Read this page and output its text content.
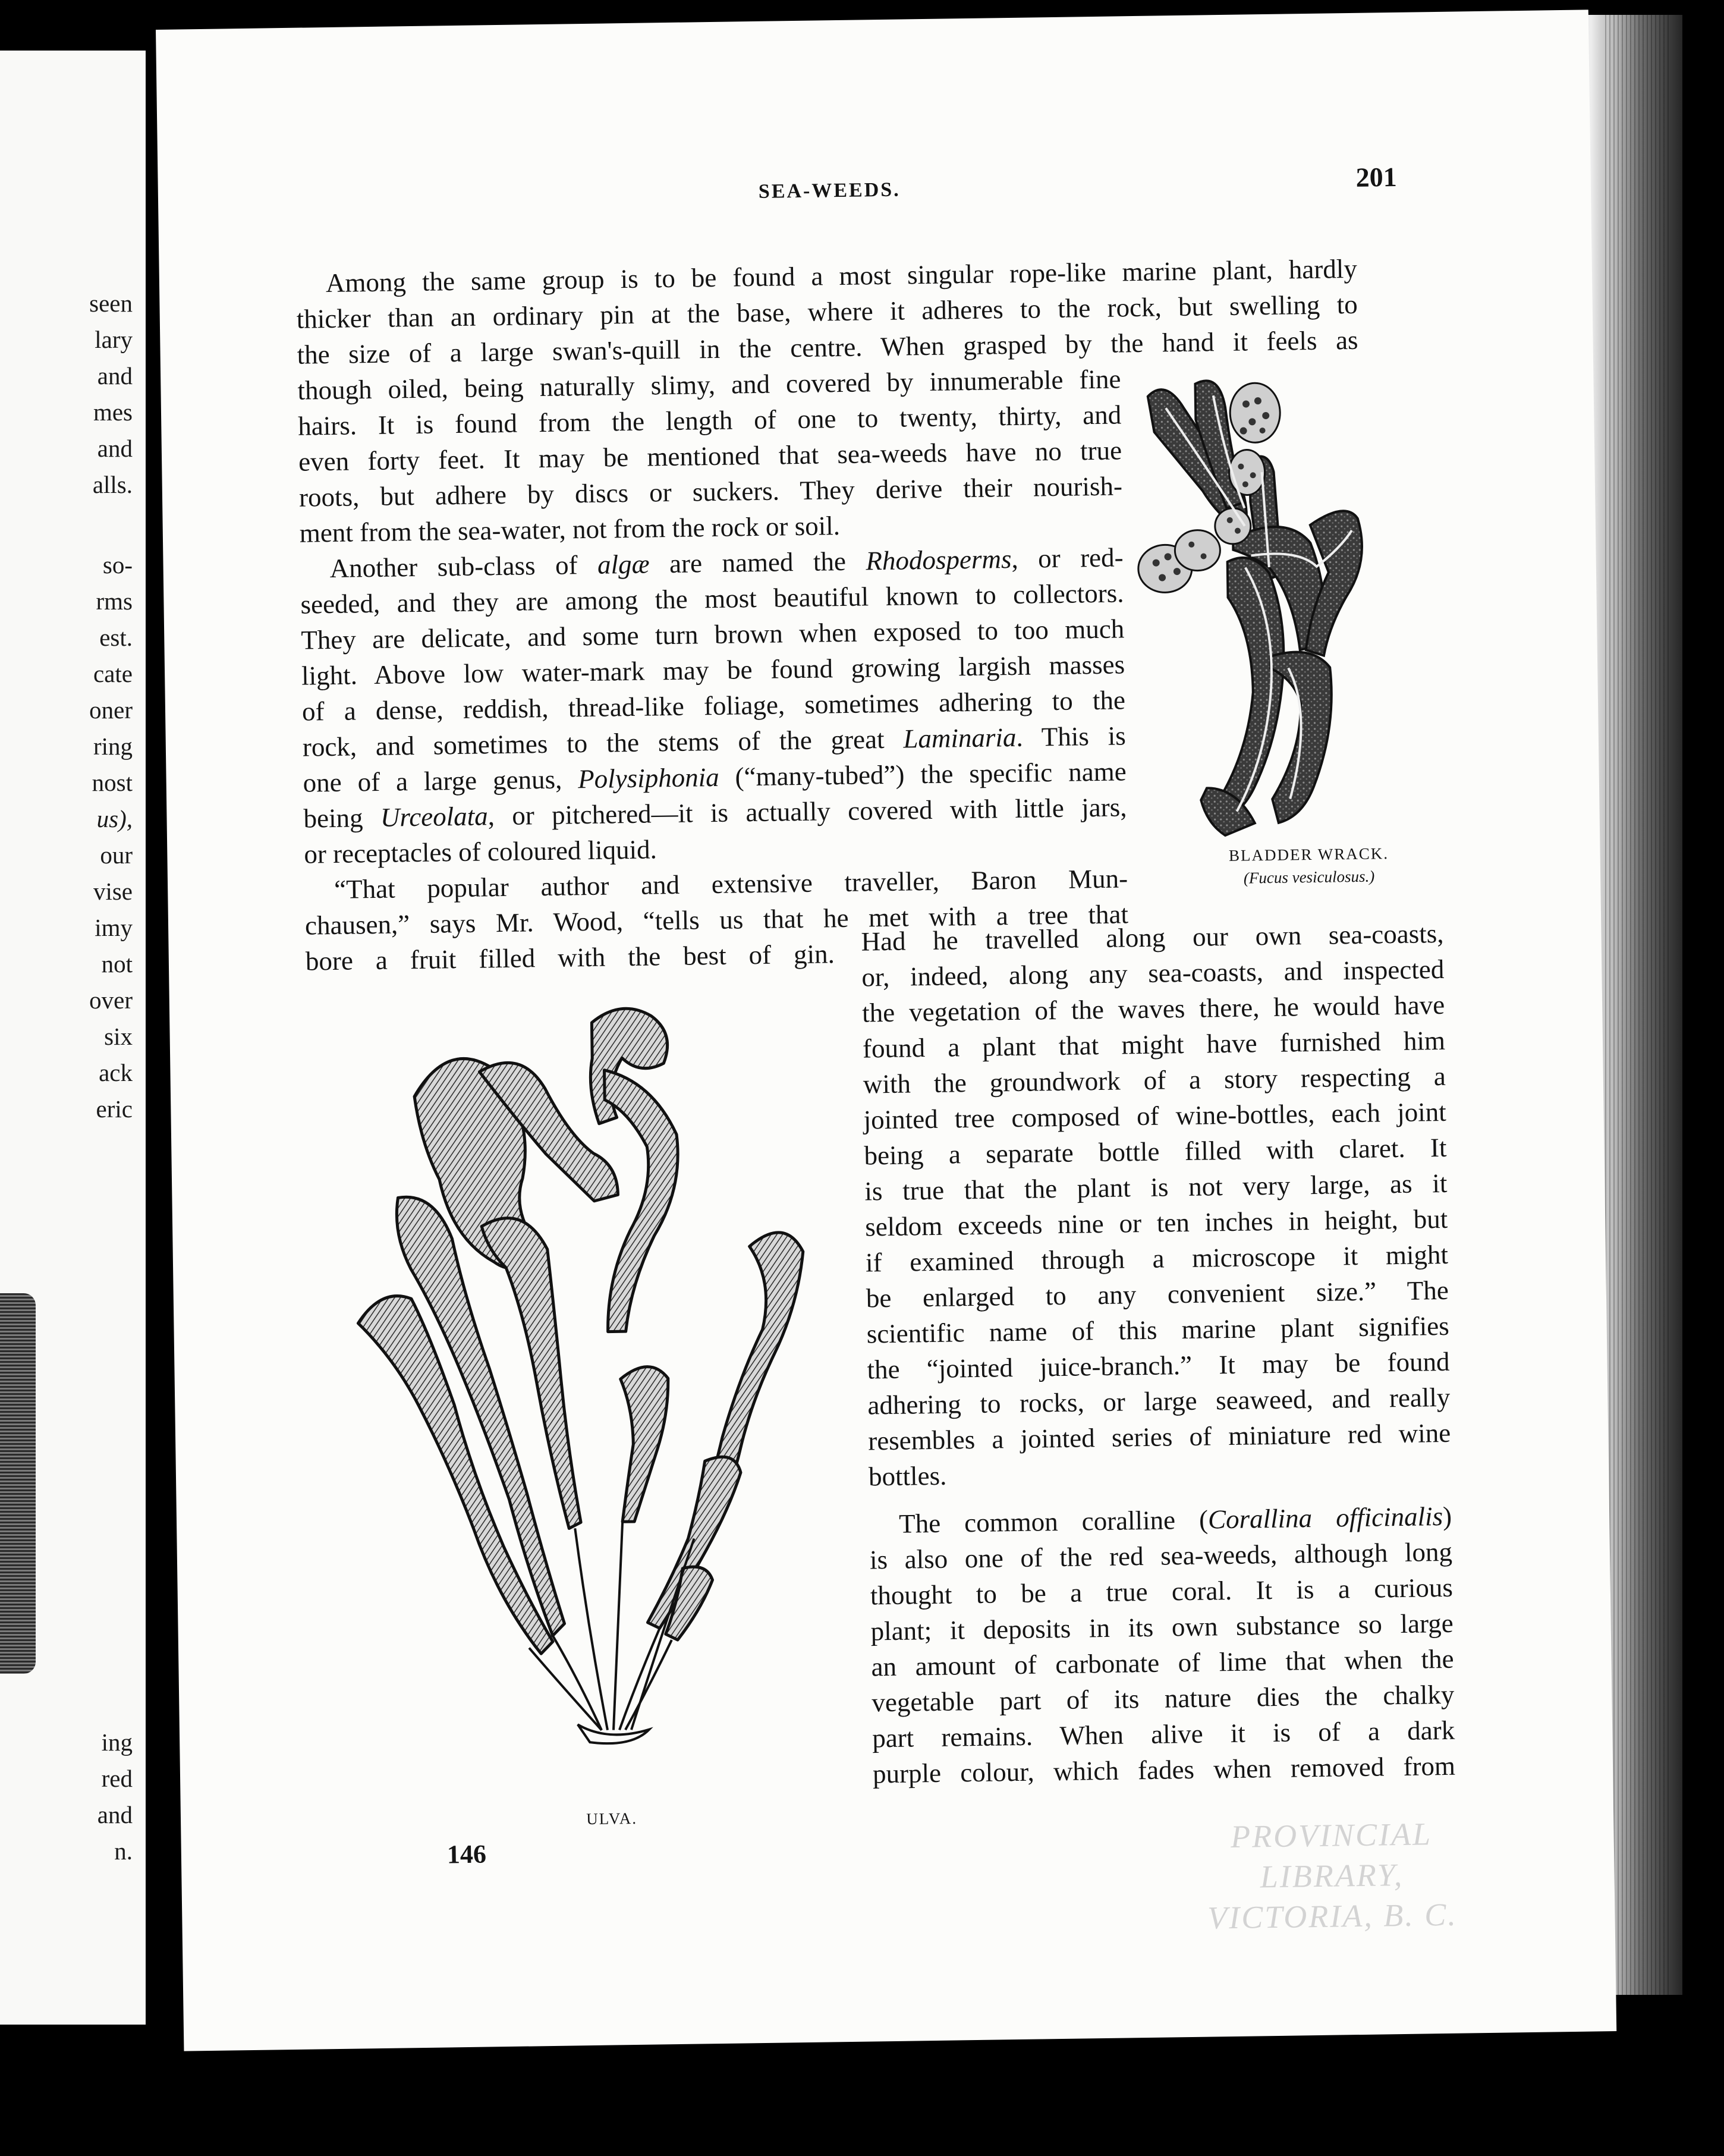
seen
lary
and
mes
and
alls.
so-
rms
est.
cate
oner
ring
nost
us),
our
vise
imy
not
over
six
ack
eric
ing
red
and
n.
SEA-WEEDS.	201
Among the same group is to be found a most singular rope-like marine plant, hardly
thicker than an ordinary pin at the base, where it adheres to the rock, but swelling to
the size of a large swan's-quill in the centre. When grasped by the hand it feels as
though oiled, being naturally slimy, and covered by innumerable fine
hairs. It is found from the length of one to twenty, thirty, and
even forty feet. It may be mentioned that sea-weeds have no true
roots, but adhere by discs or suckers. They derive their nourish-
ment from the sea-water, not from the rock or soil.
Another sub-class of algæ are named the Rhodosperms, or red-
seeded, and they are among the most beautiful known to collectors.
They are delicate, and some turn brown when exposed to too much
light. Above low water-mark may be found growing largish masses
of a dense, reddish, thread-like foliage, sometimes adhering to the
rock, and sometimes to the stems of the great Laminaria. This is
one of a large genus, Polysiphonia (“many-tubed”) the specific name
being Urceolata, or pitchered—it is actually covered with little jars,
or receptacles of coloured liquid.
“That popular author and extensive traveller, Baron Mun-
chausen,” says Mr. Wood, “tells us that he met with a tree that
bore a fruit filled with the best of gin.
Had he travelled along our own sea-coasts,
or, indeed, along any sea-coasts, and inspected
the vegetation of the waves there, he would have
found a plant that might have furnished him
with the groundwork of a story respecting a
jointed tree composed of wine-bottles, each joint
being a separate bottle filled with claret. It
is true that the plant is not very large, as it
seldom exceeds nine or ten inches in height, but
if examined through a microscope it might
be enlarged to any convenient size.” The
scientific name of this marine plant signifies
the “jointed juice-branch.” It may be found
adhering to rocks, or large seaweed, and really
resembles a jointed series of miniature red wine
bottles.
The common coralline (Corallina officinalis)
is also one of the red sea-weeds, although long
thought to be a true coral. It is a curious
plant; it deposits in its own substance so large
an amount of carbonate of lime that when the
vegetable part of its nature dies the chalky
part remains. When alive it is of a dark
purple colour, which fades when removed from
BLADDER WRACK.
(Fucus vesiculosus.)
ULVA.
146	PROVINCIAL LIBRARY,
VICTORIA, B. C.
